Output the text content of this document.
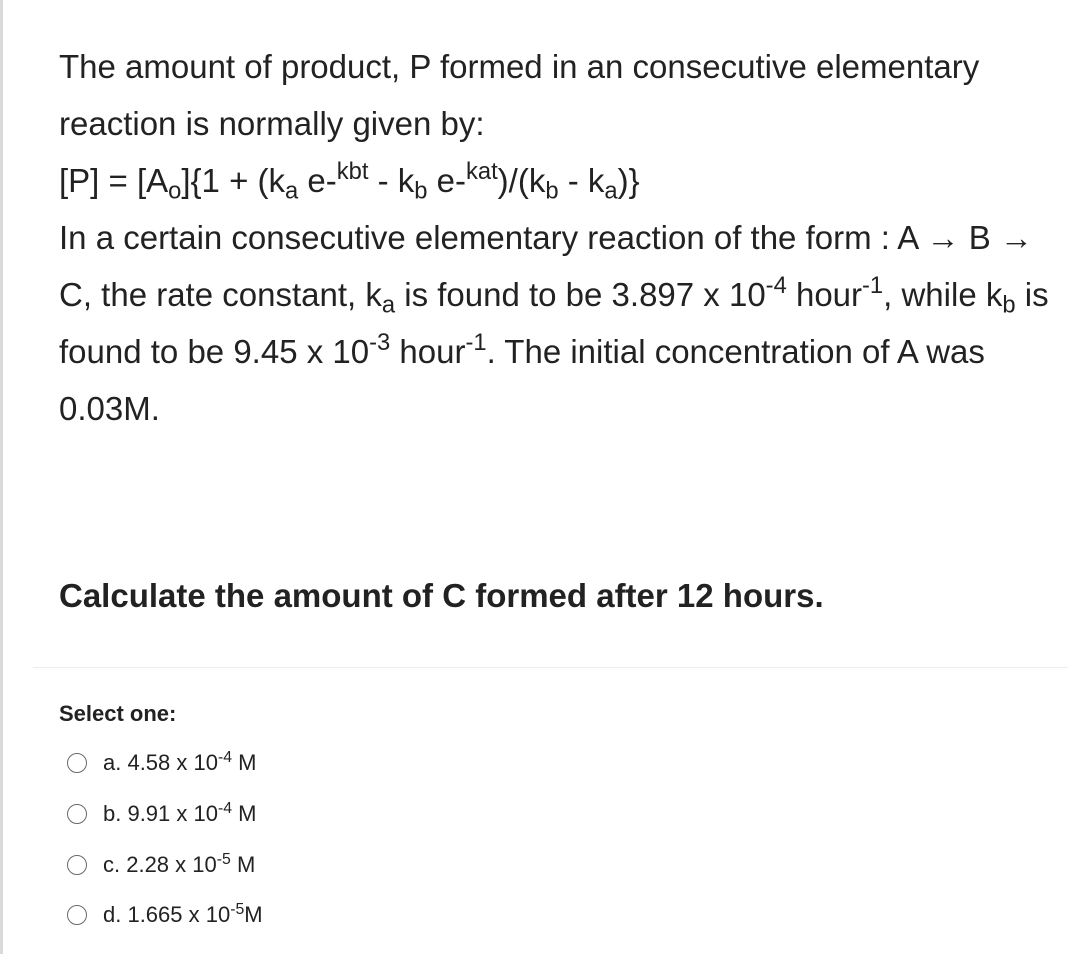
The amount of product, P formed in an consecutive elementary reaction is normally given by:

$[P] = [A_o]\{1 + (k_a$ $e-^{kbt} - k_b$ $e-^{kat})/(k_b - k_a)$}

In a certain consecutive elementary reaction of the form : A → B → C, the rate constant, $k_a$ is found to be 3.897 x $10^{-4}$ hour$^{-1}$, while $k_b$ is found to be 9.45 x $10^{-3}$ hour$^{-1}$. The initial concentration of A was 0.03M.

Calculate the amount of C formed after 12 hours.
Select one:
a. 4.58 x $10^{-4}$ M
b. 9.91 x $10^{-4}$ M
c. 2.28 x $10^{-5}$ M
d. 1.665 x $10^{-5}M$
